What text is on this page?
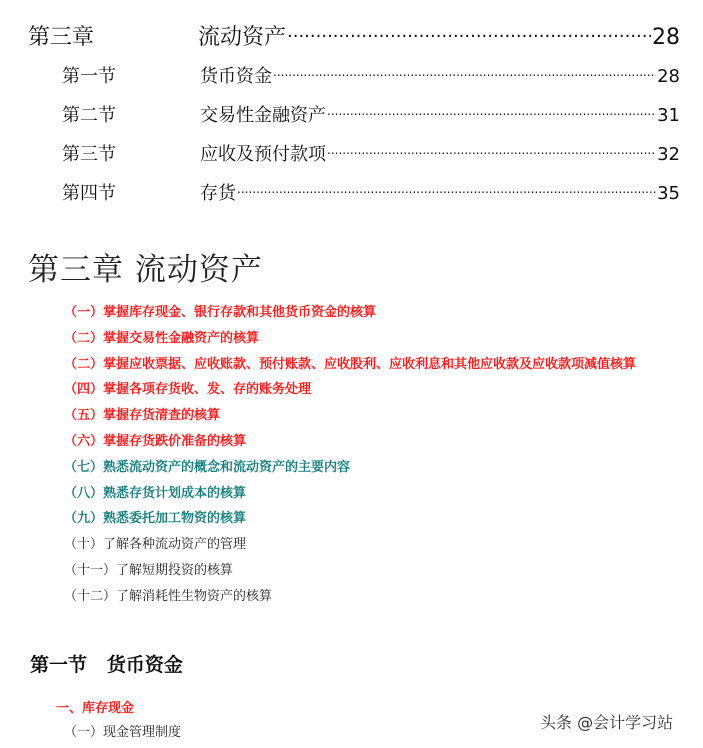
第三章	流动资产 .....	28
第一节	货币资金 .....	28
第二节	交易性金融资产 .....	31
第三节	应收及预付款项 .....	32
第四节	存货 .....	35
第三章 流动资产
（一）掌握库存现金、银行存款和其他货币资金的核算
（二）掌握交易性金融资产的核算
（二）掌握应收票据、应收账款、预付账款、应收股利、应收利息和其他应收款及应收款项减值核算
（四）掌握各项存货收、发、存的账务处理
（五）掌握存货清查的核算
（六）掌握存货跌价准备的核算
（七）熟悉流动资产的概念和流动资产的主要内容
（八）熟悉存货计划成本的核算
（九）熟悉委托加工物资的核算
（十）了解各种流动资产的管理
（十一）了解短期投资的核算
（十二）了解消耗性生物资产的核算
第一节   货币资金
一、库存现金

（一）现金管理制度

头条 @会计学习站
